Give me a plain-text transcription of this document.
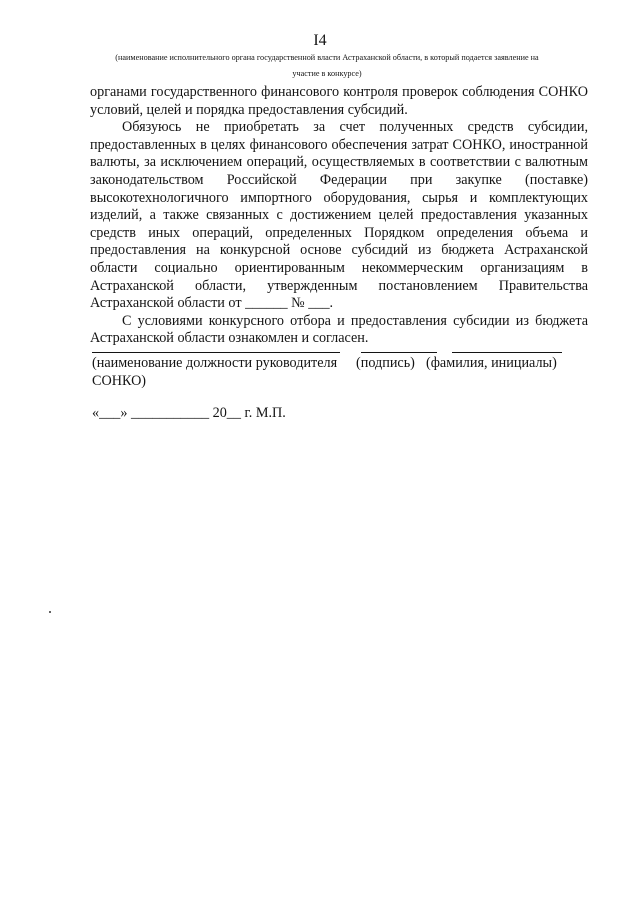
I4
(наименование исполнительного органа государственной власти Астраханской области, в который подается заявление на
участие в конкурсе)

органами государственного финансового контроля проверок соблюдения СОНКО условий, целей и порядка предоставления субсидий.

Обязуюсь не приобретать за счет полученных средств субсидии, предоставленных в целях финансового обеспечения затрат СОНКО, иностранной валюты, за исключением операций, осуществляемых в соответствии с валютным законодательством Российской Федерации при закупке (поставке) высокотехнологичного импортного оборудования, сырья и комплектующих изделий, а также связанных с достижением целей предоставления указанных средств иных операций, определенных Порядком определения объема и предоставления на конкурсной основе субсидий из бюджета Астраханской области социально ориентированным некоммерческим организациям в Астраханской области, утвержденным постановлением Правительства Астраханской области от ______ № ___.

С условиями конкурсного отбора и предоставления субсидии из бюджета Астраханской области ознакомлен и согласен.

(наименование должности руководителя
СОНКО)
(подпись) (фамилия, инициалы)
«___» ___________ 20__ г. М.П.
